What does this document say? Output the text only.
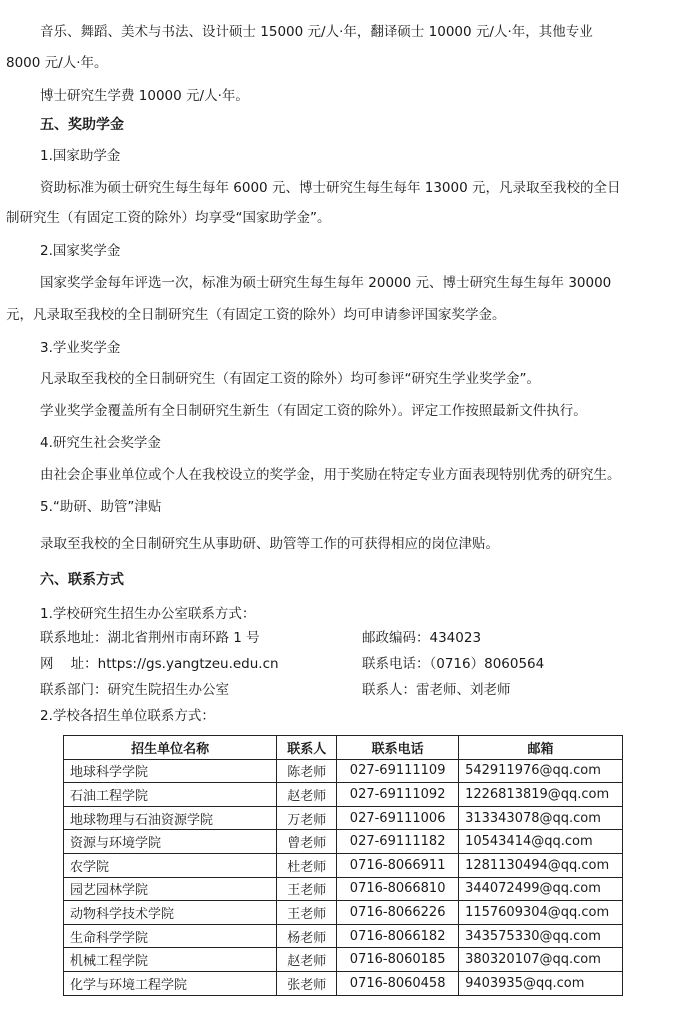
音乐、舞蹈、美术与书法、设计硕士 15000 元/人·年，翻译硕士 10000 元/人·年，其他专业
8000 元/人·年。
博士研究生学费 10000 元/人·年。
五、奖助学金
1.国家助学金
资助标准为硕士研究生每生每年 6000 元、博士研究生每生每年 13000 元，凡录取至我校的全日
制研究生（有固定工资的除外）均享受“国家助学金”。
2.国家奖学金
国家奖学金每年评选一次，标准为硕士研究生每生每年 20000 元、博士研究生每生每年 30000
元，凡录取至我校的全日制研究生（有固定工资的除外）均可申请参评国家奖学金。
3.学业奖学金
凡录取至我校的全日制研究生（有固定工资的除外）均可参评“研究生学业奖学金”。
学业奖学金覆盖所有全日制研究生新生（有固定工资的除外）。评定工作按照最新文件执行。
4.研究生社会奖学金
由社会企事业单位或个人在我校设立的奖学金，用于奖励在特定专业方面表现特别优秀的研究生。
5.“助研、助管”津贴
录取至我校的全日制研究生从事助研、助管等工作的可获得相应的岗位津贴。
六、联系方式
1.学校研究生招生办公室联系方式：
联系地址：湖北省荆州市南环路 1 号	邮政编码：434023
网    址：https://gs.yangtzeu.edu.cn	联系电话：（0716）8060564
联系部门：研究生院招生办公室	联系人：雷老师、刘老师
2.学校各招生单位联系方式：
招生单位名称	联系人	联系电话	邮箱
地球科学学院	陈老师	027-69111109	542911976@qq.com
石油工程学院	赵老师	027-69111092	1226813819@qq.com
地球物理与石油资源学院	万老师	027-69111006	313343078@qq.com
资源与环境学院	曾老师	027-69111182	10543414@qq.com
农学院	杜老师	0716-8066911	1281130494@qq.com
园艺园林学院	王老师	0716-8066810	344072499@qq.com
动物科学技术学院	王老师	0716-8066226	1157609304@qq.com
生命科学学院	杨老师	0716-8066182	343575330@qq.com
机械工程学院	赵老师	0716-8060185	380320107@qq.com
化学与环境工程学院	张老师	0716-8060458	9403935@qq.com
